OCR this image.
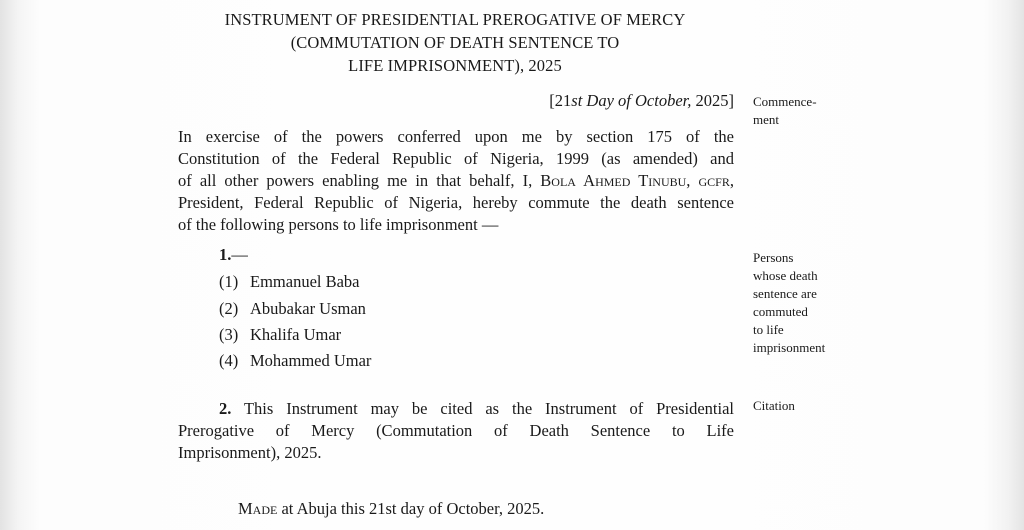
INSTRUMENT OF PRESIDENTIAL PREROGATIVE OF MERCY
(COMMUTATION OF DEATH SENTENCE TO
LIFE IMPRISONMENT), 2025
[21st Day of October, 2025] Commence-
ment
In exercise of the powers conferred upon me by section 175 of the
Constitution of the Federal Republic of Nigeria, 1999 (as amended) and
of all other powers enabling me in that behalf, I, Bola Ahmed Tinubu, gcfr,
President, Federal Republic of Nigeria, hereby commute the death sentence
of the following persons to life imprisonment —
1.—
(1) Emmanuel Baba
(2) Abubakar Usman
(3) Khalifa Umar
(4) Mohammed Umar
Persons
whose death
sentence are
commuted
to life
imprisonment
2. This Instrument may be cited as the Instrument of Presidential
Prerogative of Mercy (Commutation of Death Sentence to Life
Imprisonment), 2025.
Citation
Made at Abuja this 21st day of October, 2025.
